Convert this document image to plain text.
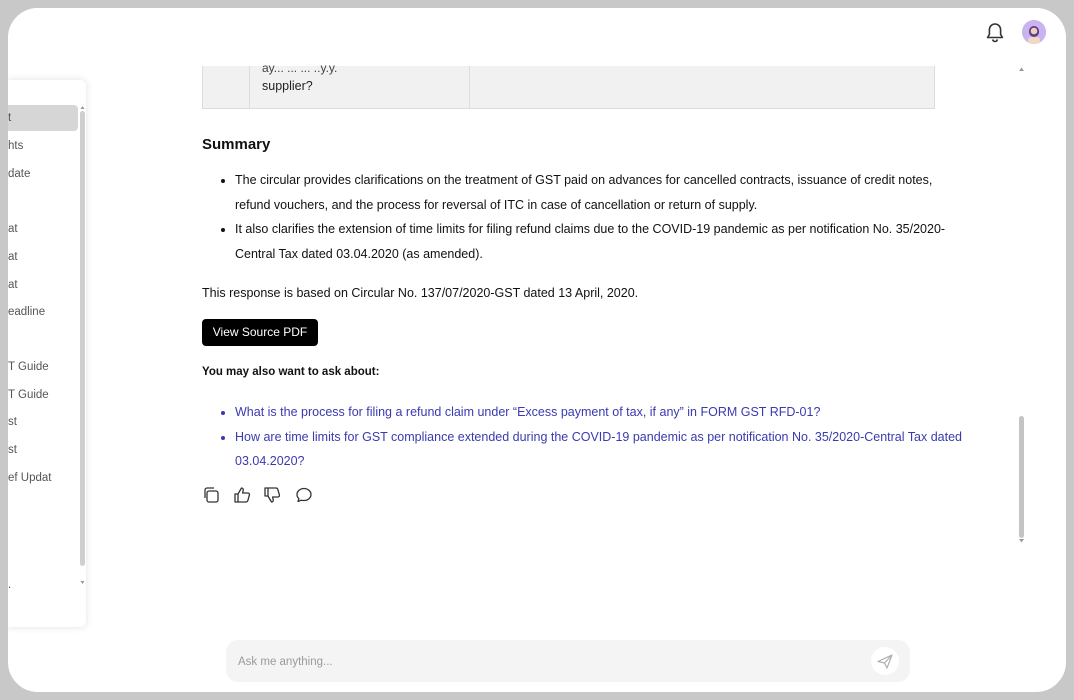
t
hts
date
at
at
at
eadline
T Guide
T Guide
st
st
ef Updat
.
ay... ... ... ..y.y.
supplier?
Summary
• The circular provides clarifications on the treatment of GST paid on advances for cancelled contracts, issuance of credit notes, refund vouchers, and the process for reversal of ITC in case of cancellation or return of supply.
• It also clarifies the extension of time limits for filing refund claims due to the COVID-19 pandemic as per notification No. 35/2020-Central Tax dated 03.04.2020 (as amended).
This response is based on Circular No. 137/07/2020-GST dated 13 April, 2020.
View Source PDF
You may also want to ask about:
• What is the process for filing a refund claim under “Excess payment of tax, if any” in FORM GST RFD-01?
• How are time limits for GST compliance extended during the COVID-19 pandemic as per notification No. 35/2020-Central Tax dated 03.04.2020?
Ask me anything...
